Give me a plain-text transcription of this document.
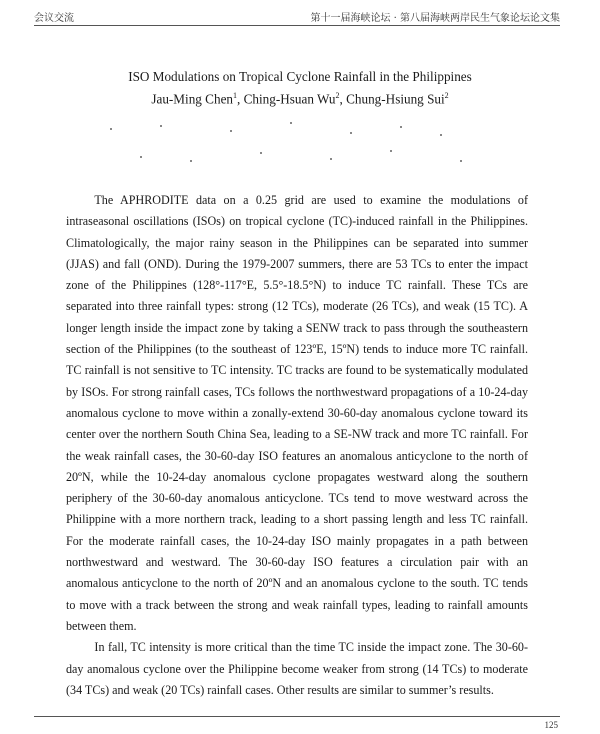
会议交流	第十一届海峡论坛 · 第八届海峡两岸民生气象论坛论文集
ISO Modulations on Tropical Cyclone Rainfall in the Philippines
Jau-Ming Chen$^1$, Ching-Hsuan Wu$^2$, Chung-Hsiung Sui$^2$

The APHRODITE data on a 0.25 grid are used to examine the modulations of intraseasonal oscillations (ISOs) on tropical cyclone (TC)-induced rainfall in the Philippines. Climatologically, the major rainy season in the Philippines can be separated into summer (JJAS) and fall (OND). During the 1979-2007 summers, there are 53 TCs to enter the impact zone of the Philippines (128°-117°E, 5.5°-18.5°N) to induce TC rainfall. These TCs are separated into three rainfall types: strong (12 TCs), moderate (26 TCs), and weak (15 TC). A longer length inside the impact zone by taking a SENW track to pass through the southeastern section of the Philippines (to the southeast of 123ºE, 15ºN) tends to induce more TC rainfall. TC rainfall is not sensitive to TC intensity. TC tracks are found to be systematically modulated by ISOs. For strong rainfall cases, TCs follows the northwestward propagations of a 10-24-day anomalous cyclone to move within a zonally-extend 30-60-day anomalous cyclone toward its center over the northern South China Sea, leading to a SE-NW track and more TC rainfall. For the weak rainfall cases, the 30-60-day ISO features an anomalous anticyclone to the north of 20ºN, while the 10-24-day anomalous cyclone propagates westward along the southern periphery of the 30-60-day anomalous anticyclone. TCs tend to move westward across the Philippine with a more northern track, leading to a short passing length and less TC rainfall. For the moderate rainfall cases, the 10-24-day ISO mainly propagates in a path between northwestward and westward. The 30-60-day ISO features a circulation pair with an anomalous anticyclone to the north of 20ºN and an anomalous cyclone to the south. TC tends to move with a track between the strong and weak rainfall types, leading to rainfall amounts between them.

In fall, TC intensity is more critical than the time TC inside the impact zone. The 30-60-day anomalous cyclone over the Philippine become weaker from strong (14 TCs) to moderate (34 TCs) and weak (20 TCs) rainfall cases. Other results are similar to summer’s results.

125
